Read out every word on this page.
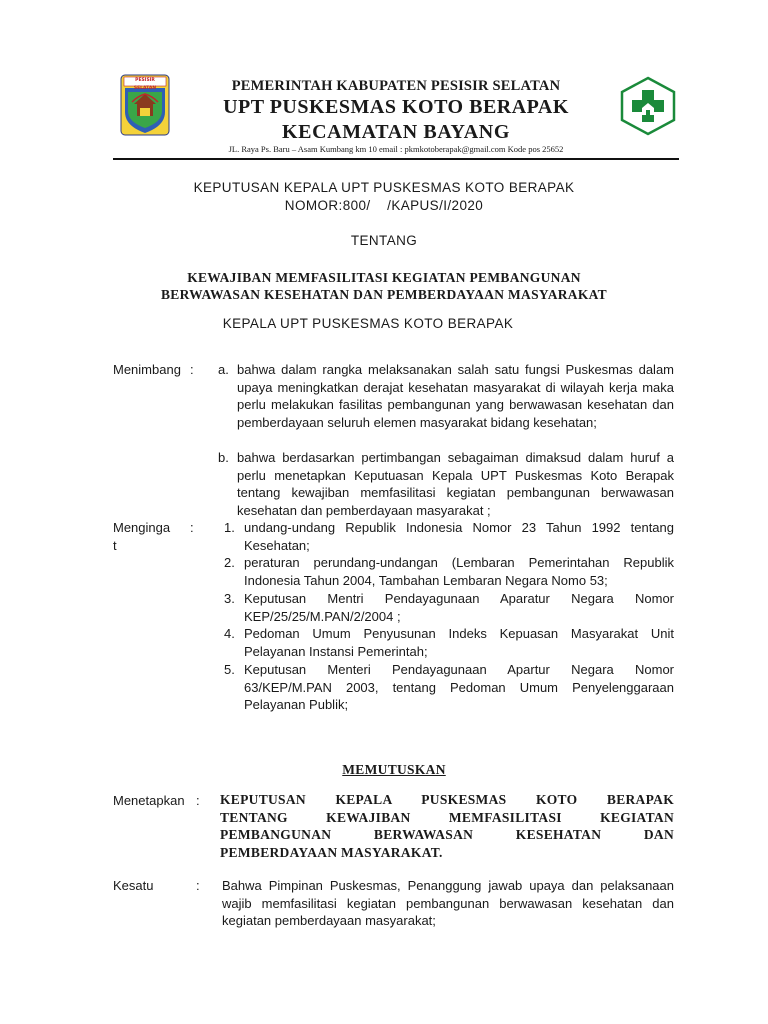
PESISIR SELATAN	PEMERINTAH KABUPATEN PESISIR SELATAN
UPT PUSKESMAS KOTO BERAPAK
KECAMATAN BAYANG
JL. Raya Ps. Baru – Asam Kumbang km 10 email : pkmkotoberapak@gmail.com Kode pos 25652
KEPUTUSAN KEPALA UPT PUSKESMAS KOTO BERAPAK
NOMOR:800/    /KAPUS/I/2020
TENTANG
KEWAJIBAN MEMFASILITASI KEGIATAN PEMBANGUNAN
BERWAWASAN KESEHATAN DAN PEMBERDAYAAN MASYARAKAT
KEPALA UPT PUSKESMAS KOTO BERAPAK
Menimbang : a. bahwa dalam rangka melaksanakan salah satu fungsi Puskesmas dalam upaya meningkatkan derajat kesehatan masyarakat di wilayah kerja maka perlu melakukan fasilitas pembangunan yang berwawasan kesehatan dan pemberdayaan seluruh elemen masyarakat bidang kesehatan;
b. bahwa berdasarkan pertimbangan sebagaiman dimaksud dalam huruf a perlu menetapkan Keputuasan Kepala UPT Puskesmas Koto Berapak tentang kewajiban memfasilitasi kegiatan pembangunan berwawasan kesehatan dan pemberdayaan masyarakat ;
Menginga
t
: 1. undang-undang Republik Indonesia Nomor 23 Tahun 1992 tentang Kesehatan;
2. peraturan perundang-undangan (Lembaran Pemerintahan Republik Indonesia Tahun 2004, Tambahan Lembaran Negara Nomo 53;
3. Keputusan Mentri Pendayagunaan Aparatur Negara Nomor KEP/25/25/M.PAN/2/2004 ;
4. Pedoman Umum Penyusunan Indeks Kepuasan Masyarakat Unit Pelayanan Instansi Pemerintah;
5. Keputusan Menteri Pendayagunaan Apartur Negara Nomor 63/KEP/M.PAN 2003, tentang Pedoman Umum Penyelenggaraan Pelayanan Publik;
MEMUTUSKAN
Menetapkan : KEPUTUSAN KEPALA PUSKESMAS KOTO BERAPAK
TENTANG KEWAJIBAN MEMFASILITASI KEGIATAN
PEMBANGUNAN BERWAWASAN KESEHATAN DAN
PEMBERDAYAAN MASYARAKAT.
Kesatu	: Bahwa Pimpinan Puskesmas, Penanggung jawab upaya dan pelaksanaan wajib memfasilitasi kegiatan pembangunan berwawasan kesehatan dan kegiatan pemberdayaan masyarakat;
